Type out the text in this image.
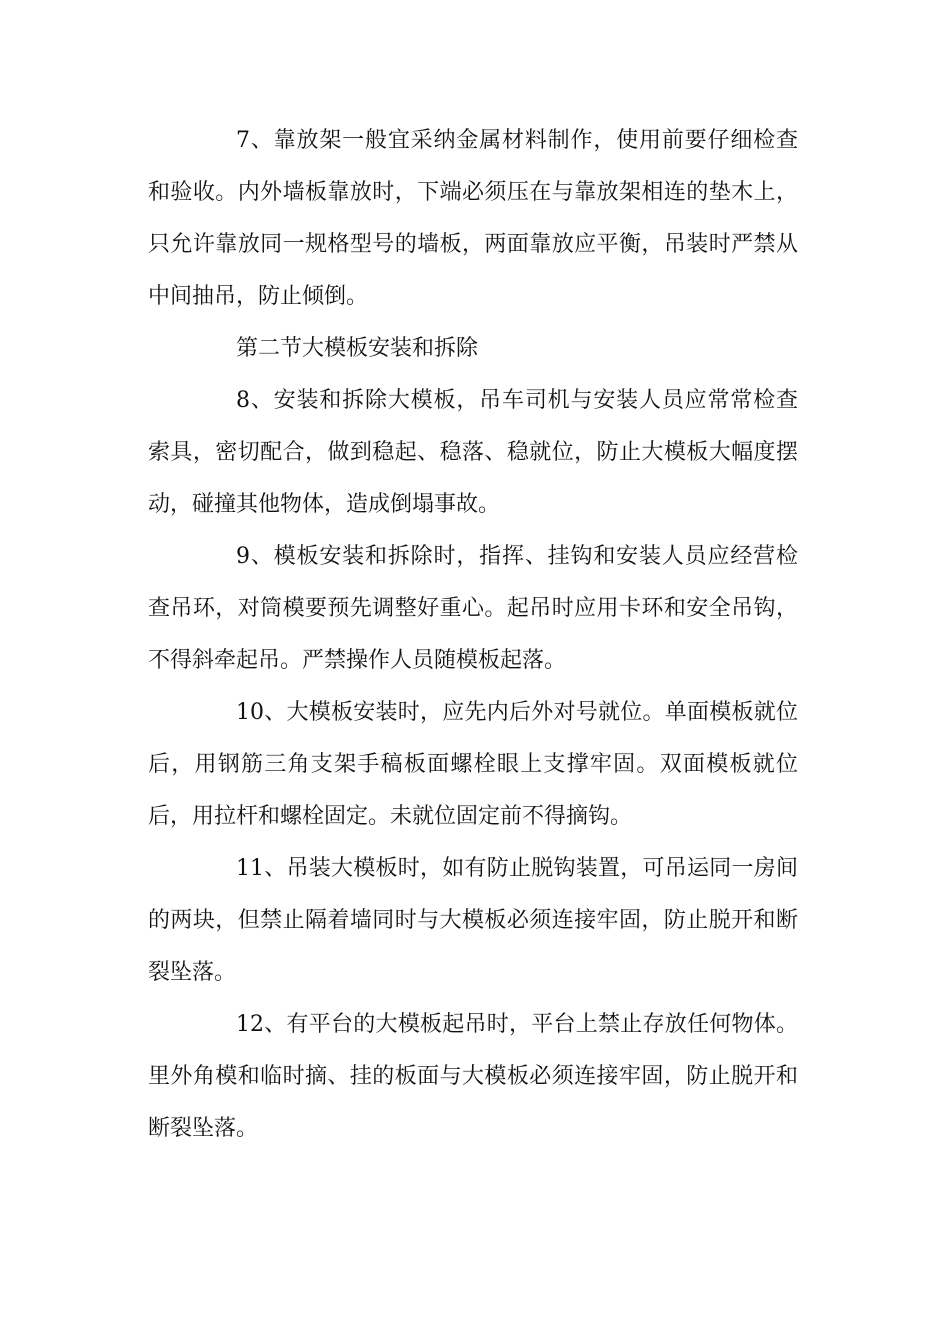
7、靠放架一般宜采纳金属材料制作，使用前要仔细检查和验收。内外墙板靠放时，下端必须压在与靠放架相连的垫木上，只允许靠放同一规格型号的墙板，两面靠放应平衡，吊装时严禁从中间抽吊，防止倾倒。

第二节大模板安装和拆除

8、安装和拆除大模板，吊车司机与安装人员应常常检查索具，密切配合，做到稳起、稳落、稳就位，防止大模板大幅度摆动，碰撞其他物体，造成倒塌事故。

9、模板安装和拆除时，指挥、挂钩和安装人员应经营检查吊环，对筒模要预先调整好重心。起吊时应用卡环和安全吊钩，不得斜牵起吊。严禁操作人员随模板起落。

10、大模板安装时，应先内后外对号就位。单面模板就位后，用钢筋三角支架手稿板面螺栓眼上支撑牢固。双面模板就位后，用拉杆和螺栓固定。未就位固定前不得摘钩。

11、吊装大模板时，如有防止脱钩装置，可吊运同一房间的两块，但禁止隔着墙同时与大模板必须连接牢固，防止脱开和断裂坠落。

12、有平台的大模板起吊时，平台上禁止存放任何物体。里外角模和临时摘、挂的板面与大模板必须连接牢固，防止脱开和断裂坠落。
